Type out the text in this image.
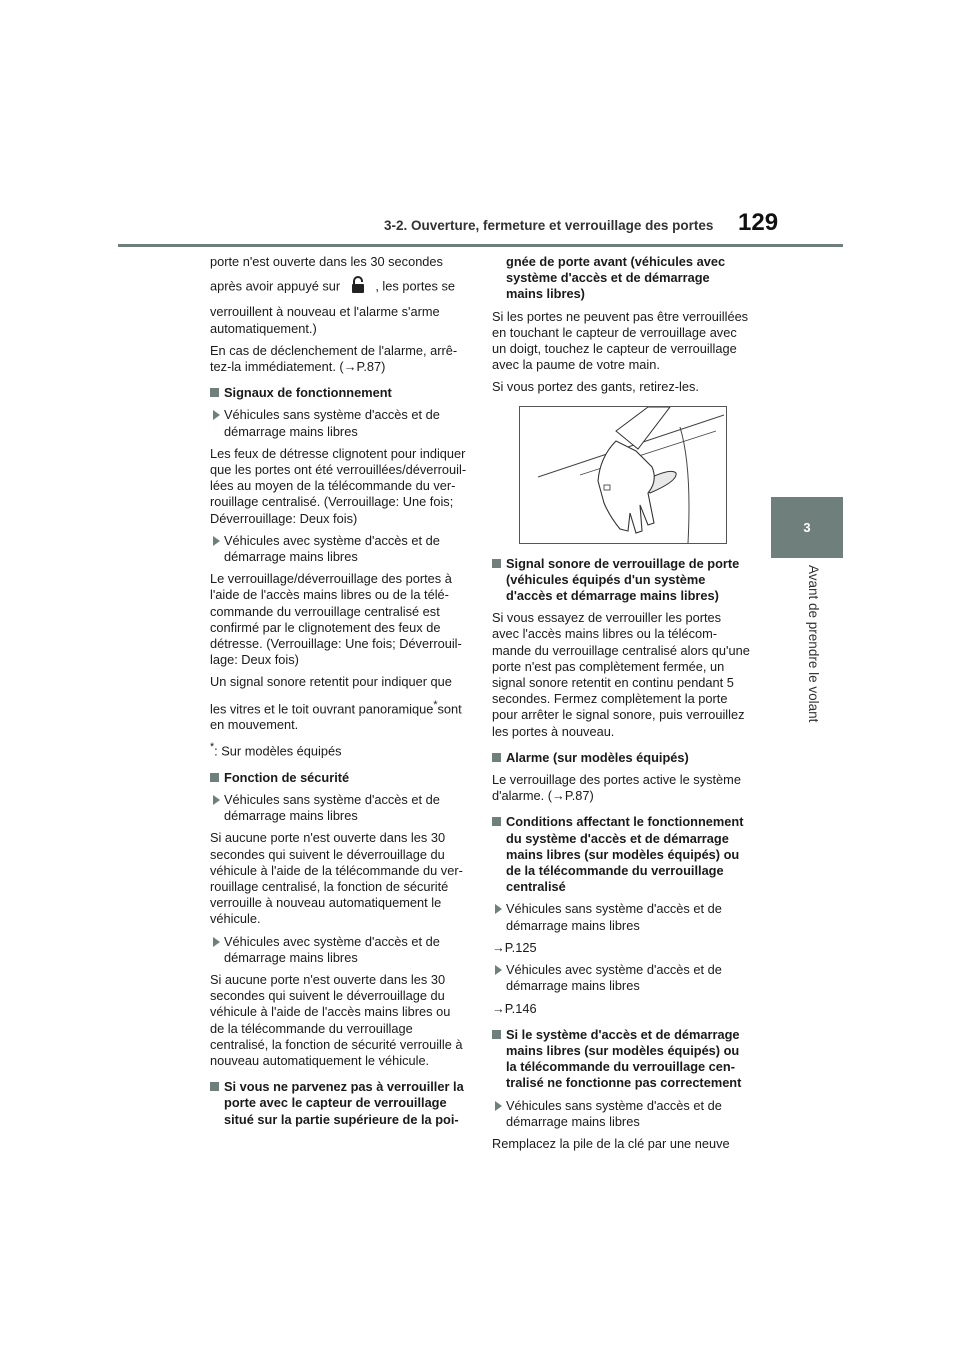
3-2. Ouverture, fermeture et verrouillage des portes 129
3
Avant de prendre le volant

porte n'est ouverte dans les 30 secondes

après avoir appuyé sur	, les portes se

verrouillent à nouveau et l'alarme s'arme automatiquement.)

En cas de déclenchement de l'alarme, arrê-tez-la immédiatement. (→P.87)

Signaux de fonctionnement
Véhicules sans système d'accès et de démarrage mains libres

Les feux de détresse clignotent pour indiquer que les portes ont été verrouillées/déverrouil-lées au moyen de la télécommande du ver-rouillage centralisé. (Verrouillage: Une fois; Déverrouillage: Deux fois)

Véhicules avec système d'accès et de démarrage mains libres

Le verrouillage/déverrouillage des portes à l'aide de l'accès mains libres ou de la télé-commande du verrouillage centralisé est confirmé par le clignotement des feux de détresse. (Verrouillage: Une fois; Déverrouil-lage: Deux fois)

Un signal sonore retentit pour indiquer que

les vitres et le toit ouvrant panoramique*sont en mouvement.

*: Sur modèles équipés

Fonction de sécurité
Véhicules sans système d'accès et de démarrage mains libres

Si aucune porte n'est ouverte dans les 30 secondes qui suivent le déverrouillage du véhicule à l'aide de la télécommande du ver-rouillage centralisé, la fonction de sécurité verrouille à nouveau automatiquement le véhicule.

Véhicules avec système d'accès et de démarrage mains libres

Si aucune porte n'est ouverte dans les 30 secondes qui suivent le déverrouillage du véhicule à l'aide de l'accès mains libres ou de la télécommande du verrouillage centralisé, la fonction de sécurité verrouille à nouveau automatiquement le véhicule.

Si vous ne parvenez pas à verrouiller la porte avec le capteur de verrouillage situé sur la partie supérieure de la poi-
gnée de porte avant (véhicules avec système d'accès et de démarrage mains libres)

Si les portes ne peuvent pas être verrouillées en touchant le capteur de verrouillage avec un doigt, touchez le capteur de verrouillage avec la paume de votre main.

Si vous portez des gants, retirez-les.

Signal sonore de verrouillage de porte (véhicules équipés d'un système d'accès et démarrage mains libres)

Si vous essayez de verrouiller les portes avec l'accès mains libres ou la télécom-mande du verrouillage centralisé alors qu'une porte n'est pas complètement fermée, un signal sonore retentit en continu pendant 5 secondes. Fermez complètement la porte pour arrêter le signal sonore, puis verrouillez les portes à nouveau.

Alarme (sur modèles équipés)

Le verrouillage des portes active le système d'alarme. (→P.87)

Conditions affectant le fonctionnement du système d'accès et de démarrage mains libres (sur modèles équipés) ou de la télécommande du verrouillage centralisé
Véhicules sans système d'accès et de démarrage mains libres

→P.125

Véhicules avec système d'accès et de démarrage mains libres

→P.146

Si le système d'accès et de démarrage mains libres (sur modèles équipés) ou la télécommande du verrouillage cen-tralisé ne fonctionne pas correctement
Véhicules sans système d'accès et de démarrage mains libres

Remplacez la pile de la clé par une neuve
